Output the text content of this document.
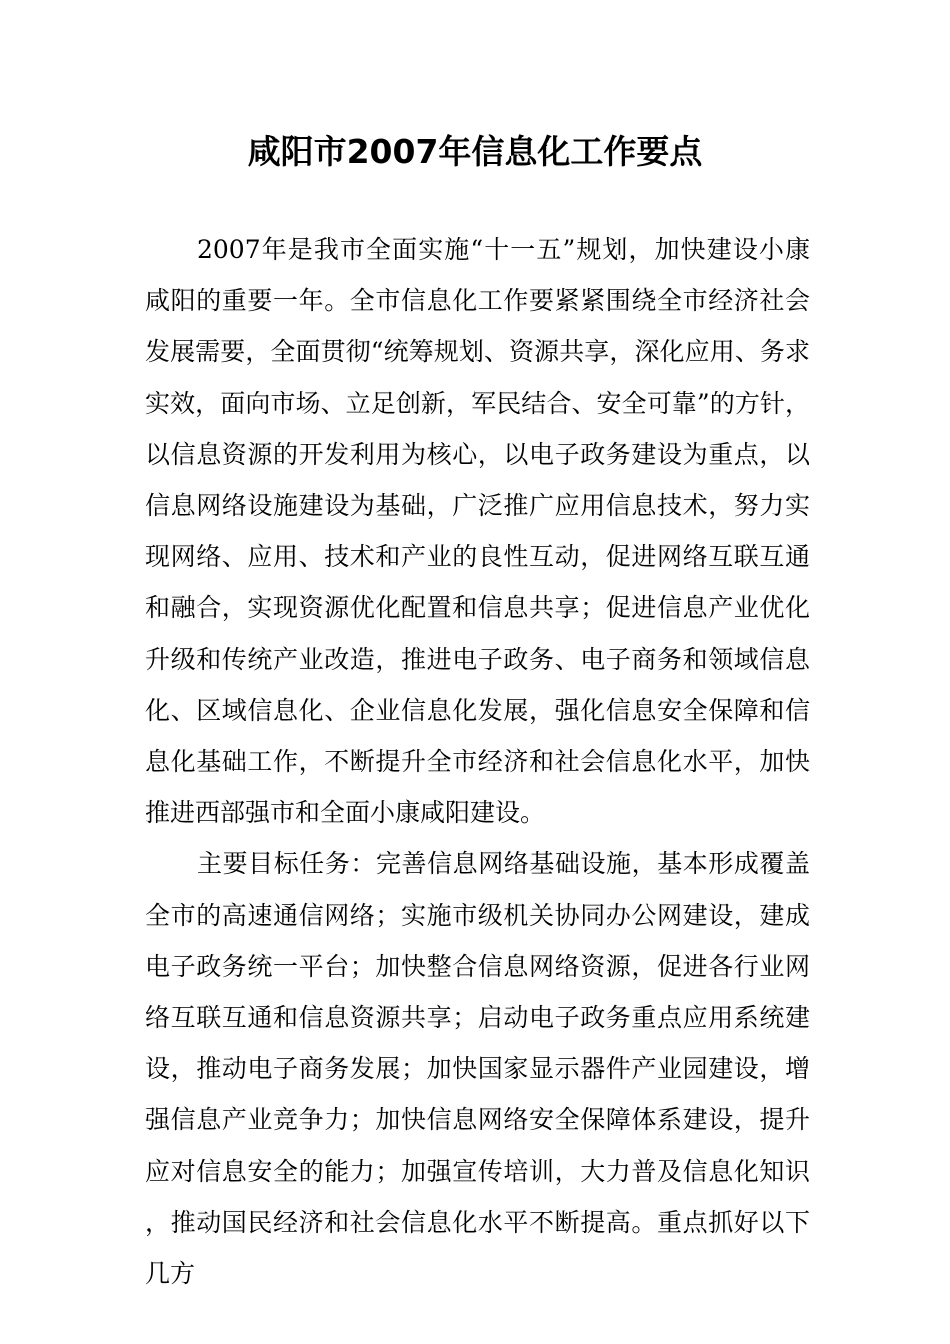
咸阳市2007年信息化工作要点

2007年是我市全面实施“十一五”规划，加快建设小康咸阳的重要一年。全市信息化工作要紧紧围绕全市经济社会发展需要，全面贯彻“统筹规划、资源共享，深化应用、务求实效，面向市场、立足创新，军民结合、安全可靠”的方针，以信息资源的开发利用为核心，以电子政务建设为重点，以信息网络设施建设为基础，广泛推广应用信息技术，努力实现网络、应用、技术和产业的良性互动，促进网络互联互通和融合，实现资源优化配置和信息共享；促进信息产业优化升级和传统产业改造，推进电子政务、电子商务和领域信息化、区域信息化、企业信息化发展，强化信息安全保障和信息化基础工作，不断提升全市经济和社会信息化水平，加快推进西部强市和全面小康咸阳建设。

主要目标任务：完善信息网络基础设施，基本形成覆盖全市的高速通信网络；实施市级机关协同办公网建设，建成电子政务统一平台；加快整合信息网络资源，促进各行业网络互联互通和信息资源共享；启动电子政务重点应用系统建设，推动电子商务发展；加快国家显示器件产业园建设，增强信息产业竞争力；加快信息网络安全保障体系建设，提升应对信息安全的能力；加强宣传培训，大力普及信息化知识，推动国民经济和社会信息化水平不断提高。重点抓好以下几方
